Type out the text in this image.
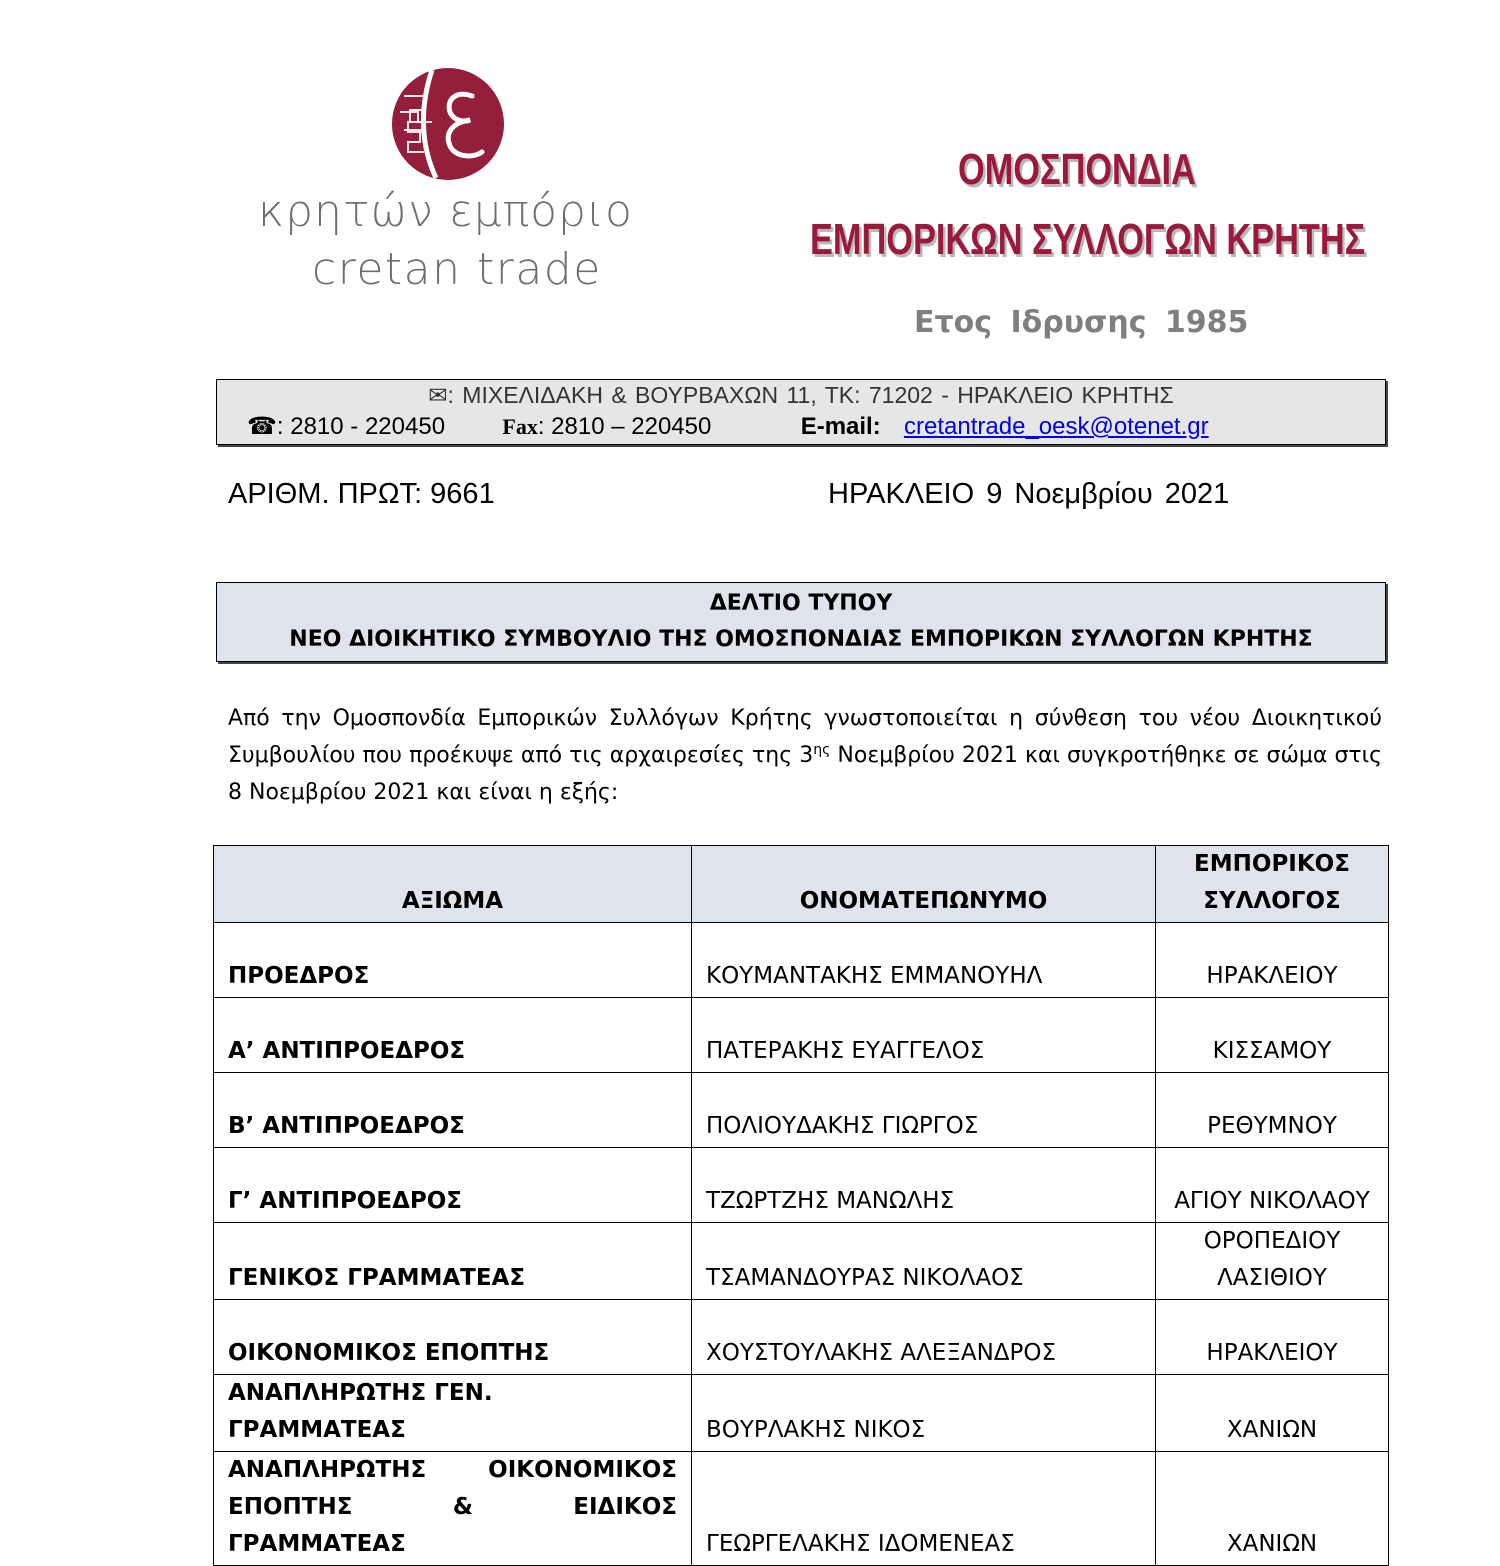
κρητών εμπόριο
cretan trade
ΟΜΟΣΠΟΝΔΙΑ
ΕΜΠΟΡΙΚΩΝ ΣΥΛΛΟΓΩΝ ΚΡΗΤΗΣ
Ετος Ιδρυσης 1985
✉: ΜΙΧΕΛΙΔΑΚΗ & ΒΟΥΡΒΑΧΩΝ 11, ΤΚ: 71202 - ΗΡΑΚΛΕΙΟ ΚΡΗΤΗΣ
☎: 2810 - 220450	Fax: 2810 – 220450	E-mail: cretantrade_oesk@otenet.gr
ΑΡΙΘΜ. ΠΡΩΤ: 9661	ΗΡΑΚΛΕΙΟ 9 Νοεμβρίου 2021
ΔΕΛΤΙΟ ΤΥΠΟΥ
ΝΕΟ ΔΙΟΙΚΗΤΙΚΟ ΣΥΜΒΟΥΛΙΟ ΤΗΣ ΟΜΟΣΠΟΝΔΙΑΣ ΕΜΠΟΡΙΚΩΝ ΣΥΛΛΟΓΩΝ ΚΡΗΤΗΣ
Από την Ομοσπονδία Εμπορικών Συλλόγων Κρήτης γνωστοποιείται η σύνθεση του νέου Διοικητικού Συμβουλίου που προέκυψε από τις αρχαιρεσίες της $3^{\eta\varsigma}$ Νοεμβρίου 2021 και συγκροτήθηκε σε σώμα στις 8 Νοεμβρίου 2021 και είναι η εξής:
ΑΞΙΩΜΑ	ΟΝΟΜΑΤΕΠΩΝΥΜΟ	ΕΜΠΟΡΙΚΟΣ ΣΥΛΛΟΓΟΣ
ΠΡΟΕΔΡΟΣ	ΚΟΥΜΑΝΤΑΚΗΣ ΕΜΜΑΝΟΥΗΛ	ΗΡΑΚΛΕΙΟΥ
Α’ ΑΝΤΙΠΡΟΕΔΡΟΣ	ΠΑΤΕΡΑΚΗΣ ΕΥΑΓΓΕΛΟΣ	ΚΙΣΣΑΜΟΥ
Β’ ΑΝΤΙΠΡΟΕΔΡΟΣ	ΠΟΛΙΟΥΔΑΚΗΣ ΓΙΩΡΓΟΣ	ΡΕΘΥΜΝΟΥ
Γ’ ΑΝΤΙΠΡΟΕΔΡΟΣ	ΤΖΩΡΤΖΗΣ ΜΑΝΩΛΗΣ	ΑΓΙΟΥ ΝΙΚΟΛΑΟΥ
ΓΕΝΙΚΟΣ ΓΡΑΜΜΑΤΕΑΣ	ΤΣΑΜΑΝΔΟΥΡΑΣ ΝΙΚΟΛΑΟΣ	ΟΡΟΠΕΔΙΟΥ ΛΑΣΙΘΙΟΥ
ΟΙΚΟΝΟΜΙΚΟΣ ΕΠΟΠΤΗΣ	ΧΟΥΣΤΟΥΛΑΚΗΣ ΑΛΕΞΑΝΔΡΟΣ	ΗΡΑΚΛΕΙΟΥ
ΑΝΑΠΛΗΡΩΤΗΣ ΓΕΝ. ΓΡΑΜΜΑΤΕΑΣ	ΒΟΥΡΛΑΚΗΣ ΝΙΚΟΣ	ΧΑΝΙΩΝ
ΑΝΑΠΛΗΡΩΤΗΣ ΟΙΚΟΝΟΜΙΚΟΣ ΕΠΟΠΤΗΣ & ΕΙΔΙΚΟΣ ΓΡΑΜΜΑΤΕΑΣ	ΓΕΩΡΓΕΛΑΚΗΣ ΙΔΟΜΕΝΕΑΣ	ΧΑΝΙΩΝ
